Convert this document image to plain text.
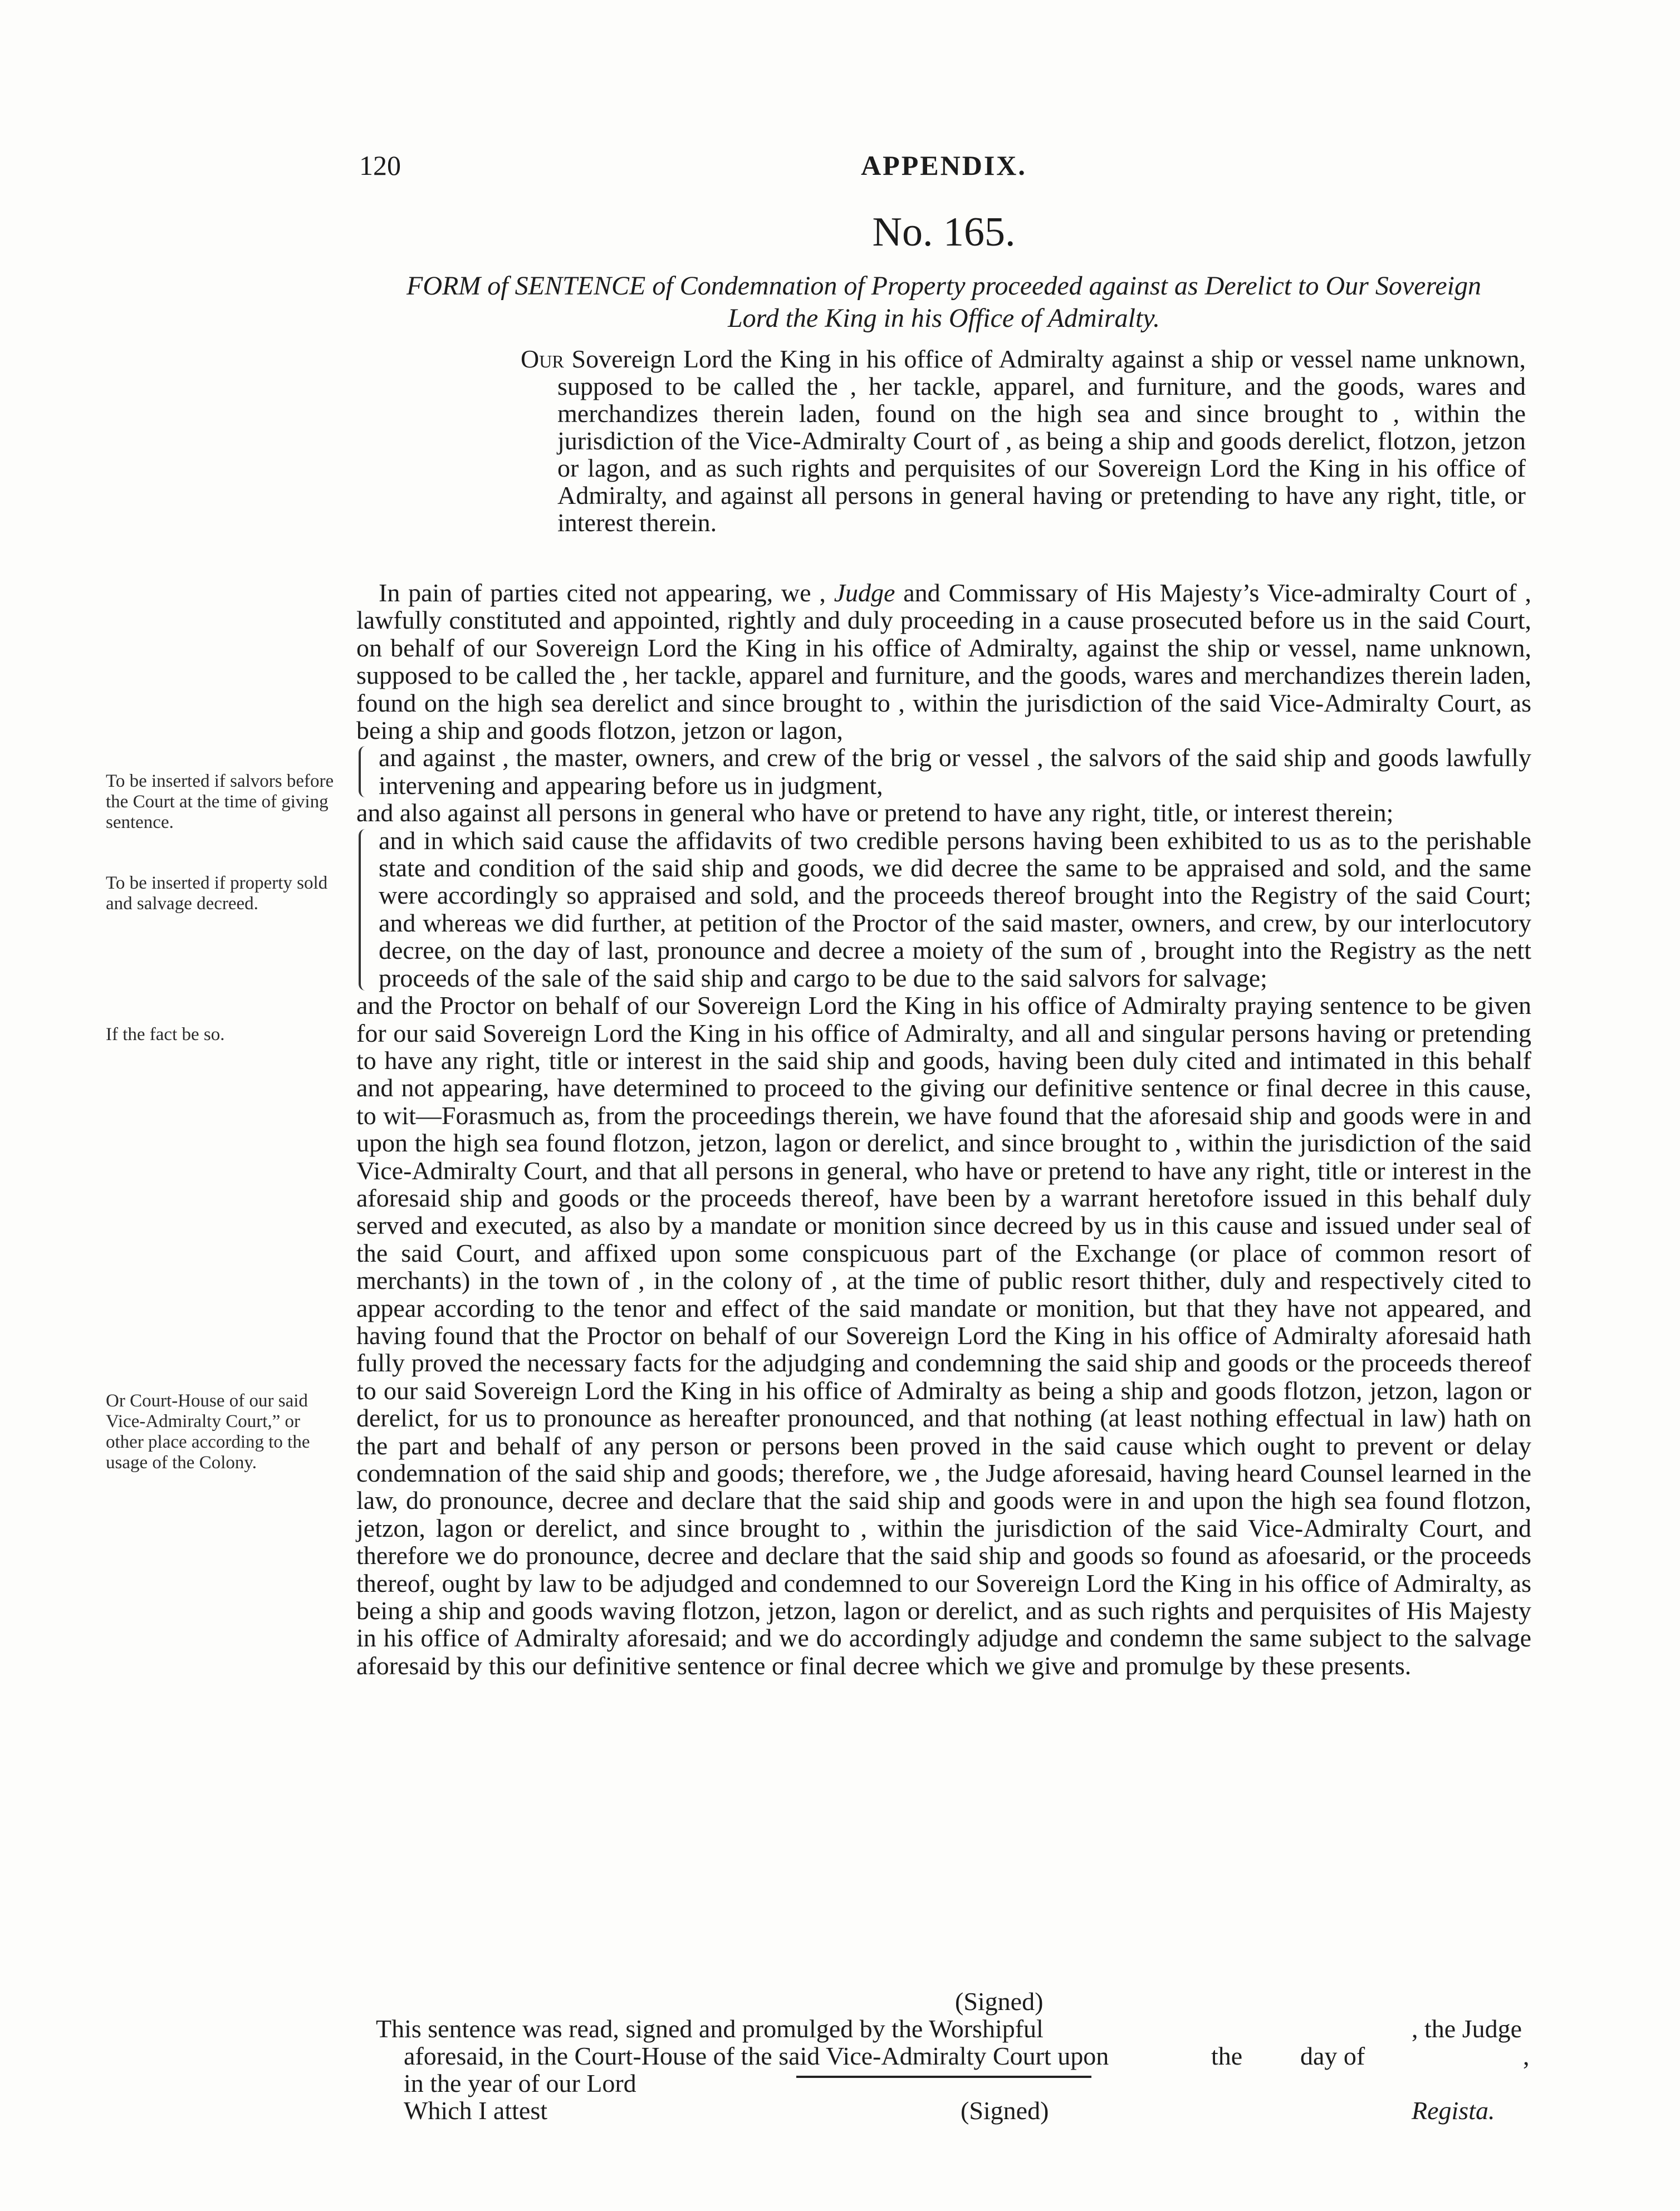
120	APPENDIX.
No. 165.
FORM of SENTENCE of Condemnation of Property proceeded against as Derelict to Our Sovereign Lord the King in his Office of Admiralty.
Our Sovereign Lord the King in his office of Admiralty against a ship or vessel name unknown, supposed to be called the , her tackle, apparel, and furniture, and the goods, wares and merchandizes therein laden, found on the high sea and since brought to , within the jurisdiction of the Vice-Admiralty Court of , as being a ship and goods derelict, flotzon, jetzon or lagon, and as such rights and perquisites of our Sovereign Lord the King in his office of Admiralty, and against all persons in general having or pretending to have any right, title, or interest therein.

In pain of parties cited not appearing, we , Judge and Commissary of His Majesty’s Vice-admiralty Court of , lawfully constituted and appointed, rightly and duly proceeding in a cause prosecuted before us in the said Court, on behalf of our Sovereign Lord the King in his office of Admiralty, against the ship or vessel, name unknown, supposed to be called the , her tackle, apparel and furniture, and the goods, wares and merchandizes therein laden, found on the high sea derelict and since brought to , within the jurisdiction of the said Vice-Admiralty Court, as being a ship and goods flotzon, jetzon or lagon,

and against , the master, owners, and crew of the brig or vessel , the salvors of the said ship and goods lawfully intervening and appearing before us in judgment,

and also against all persons in general who have or pretend to have any right, title, or interest therein;

and in which said cause the affidavits of two credible persons having been exhibited to us as to the perishable state and condition of the said ship and goods, we did decree the same to be appraised and sold, and the same were accordingly so appraised and sold, and the proceeds thereof brought into the Registry of the said Court; and whereas we did further, at petition of the Proctor of the said master, owners, and crew, by our interlocutory decree, on the day of last, pronounce and decree a moiety of the sum of , brought into the Registry as the nett proceeds of the sale of the said ship and cargo to be due to the said salvors for salvage;

and the Proctor on behalf of our Sovereign Lord the King in his office of Admiralty praying sentence to be given for our said Sovereign Lord the King in his office of Admiralty, and all and singular persons having or pretending to have any right, title or interest in the said ship and goods, having been duly cited and intimated in this behalf and not appearing, have determined to proceed to the giving our definitive sentence or final decree in this cause, to wit—Forasmuch as, from the proceedings therein, we have found that the aforesaid ship and goods were in and upon the high sea found flotzon, jetzon, lagon or derelict, and since brought to , within the jurisdiction of the said Vice-Admiralty Court, and that all persons in general, who have or pretend to have any right, title or interest in the aforesaid ship and goods or the proceeds thereof, have been by a warrant heretofore issued in this behalf duly served and executed, as also by a mandate or monition since decreed by us in this cause and issued under seal of the said Court, and affixed upon some conspicuous part of the Exchange (or place of common resort of merchants) in the town of , in the colony of , at the time of public resort thither, duly and respectively cited to appear according to the tenor and effect of the said mandate or monition, but that they have not appeared, and having found that the Proctor on behalf of our Sovereign Lord the King in his office of Admiralty aforesaid hath fully proved the necessary facts for the adjudging and condemning the said ship and goods or the proceeds thereof to our said Sovereign Lord the King in his office of Admiralty as being a ship and goods flotzon, jetzon, lagon or derelict, for us to pronounce as hereafter pronounced, and that nothing (at least nothing effectual in law) hath on the part and behalf of any person or persons been proved in the said cause which ought to prevent or delay condemnation of the said ship and goods; therefore, we , the Judge aforesaid, having heard Counsel learned in the law, do pronounce, decree and declare that the said ship and goods were in and upon the high sea found flotzon, jetzon, lagon or derelict, and since brought to , within the jurisdiction of the said Vice-Admiralty Court, and therefore we do pronounce, decree and declare that the said ship and goods so found as afoesarid, or the proceeds thereof, ought by law to be adjudged and condemned to our Sovereign Lord the King in his office of Admiralty, as being a ship and goods waving flotzon, jetzon, lagon or derelict, and as such rights and perquisites of His Majesty in his office of Admiralty aforesaid; and we do accordingly adjudge and condemn the same subject to the salvage aforesaid by this our definitive sentence or final decree which we give and promulge by these presents.

(Signed)
This sentence was read, signed and promulged by the Worshipful	, the Judge
aforesaid, in the Court-House of the said Vice-Admiralty Court upon	the day of	,
in the year of our Lord
Which I attest	(Signed)	Regista.
To be inserted if salvors before the Court at the time of giving sentence.
To be inserted if property sold and salvage decreed.
If the fact be so.
Or Court-House of our said Vice-Admiralty Court,” or other place according to the usage of the Colony.
